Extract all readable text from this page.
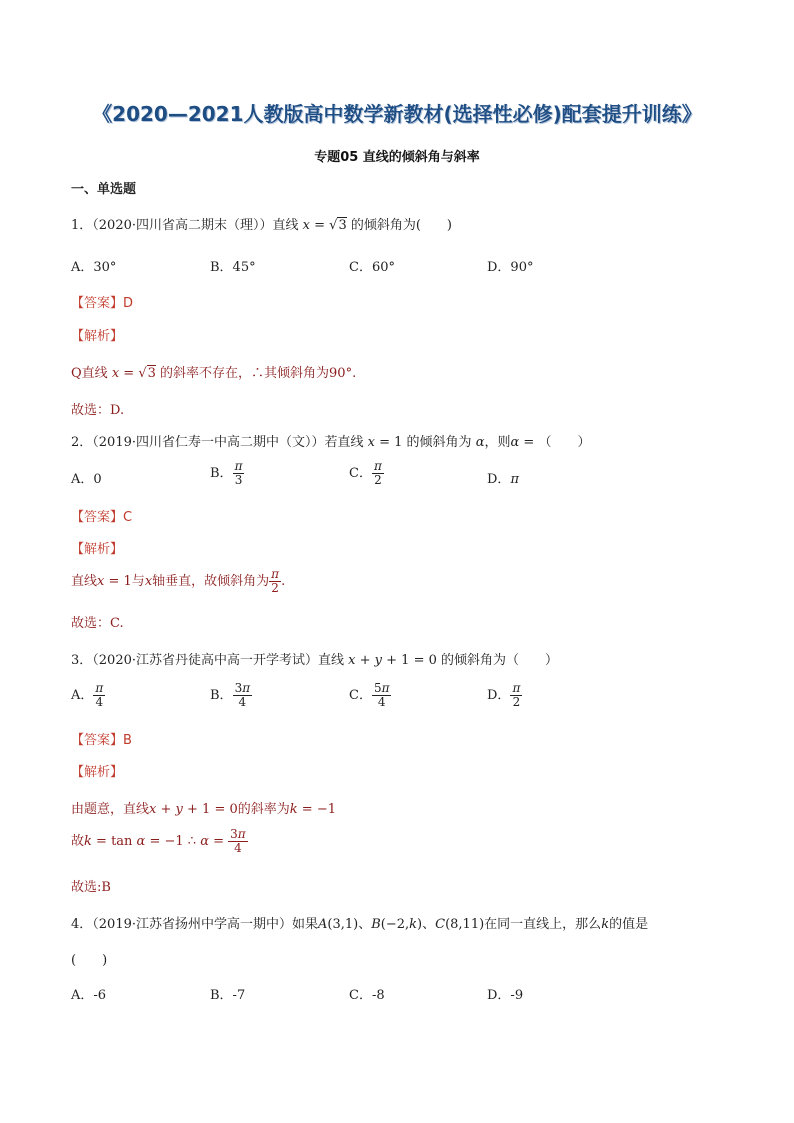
《2020—2021人教版高中数学新教材(选择性必修)配套提升训练》
专题05 直线的倾斜角与斜率
一、单选题
1．（2020·四川省高二期末（理））直线 x = √3 的倾斜角为(　　)
A．30°	B．45°	C．60°	D．90°
【答案】D
【解析】
Q直线 x = √3 的斜率不存在，∴其倾斜角为90°.
故选：D.
2．（2019·四川省仁寿一中高二期中（文））若直线 x = 1 的倾斜角为 α，则α = （　　）
A．0	B． $\frac{\pi}{3}$	C． $\frac{\pi}{2}$	D．π
【答案】C
【解析】
直线x = 1与x轴垂直，故倾斜角为 $\frac{\pi}{2}$ .
故选：C.
3．（2020·江苏省丹徒高中高一开学考试）直线 x + y + 1 = 0 的倾斜角为（　　）
A． $\frac{\pi}{4}$	B． $\frac{3\pi}{4}$	C． $\frac{5\pi}{4}$	D． $\frac{\pi}{2}$
【答案】B
【解析】
由题意，直线x + y + 1 = 0的斜率为k = −1
故k = tan α = −1 ∴ $\alpha = \frac{3\pi}{4}$
故选:B
4．（2019·江苏省扬州中学高一期中）如果A(3,1)、B(−2,k)、C(8,11)在同一直线上，那么k的值是
(　　)
A．-6	B．-7	C．-8	D．-9
